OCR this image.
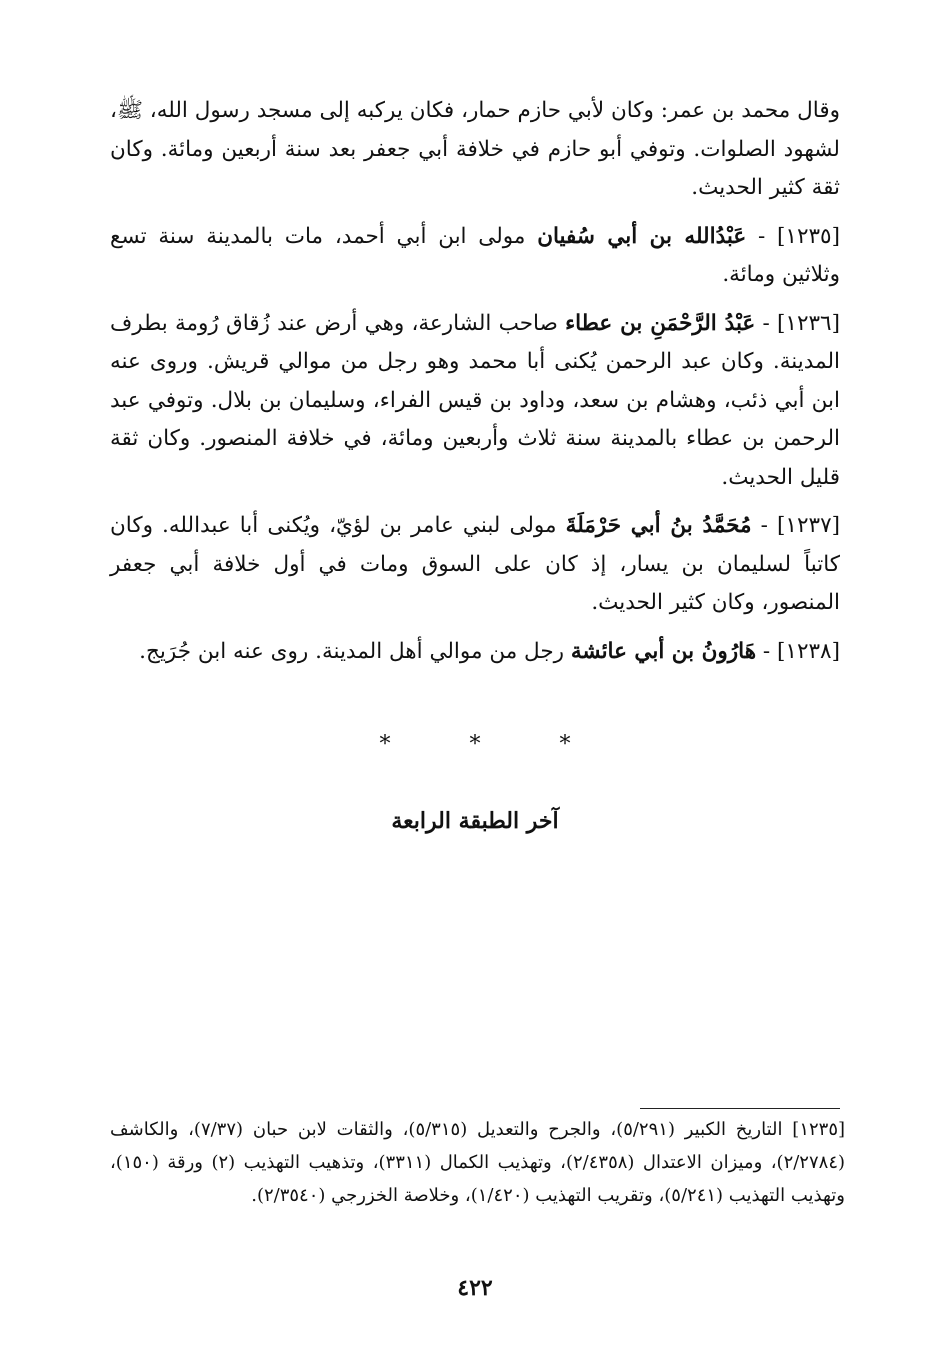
وقال محمد بن عمر: وكان لأبي حازم حمار، فكان يركبه إلى مسجد رسول الله، ﷺ، لشهود الصلوات. وتوفي أبو حازم في خلافة أبي جعفر بعد سنة أربعين ومائة. وكان ثقة كثير الحديث.

[١٢٣٥] - عَبْدُالله بن أبي سُفيان مولى ابن أبي أحمد، مات بالمدينة سنة تسع وثلاثين ومائة.

[١٢٣٦] - عَبْدُ الرَّحْمَنِ بن عطاء صاحب الشارعة، وهي أرض عند زُقاق رُومة بطرف المدينة. وكان عبد الرحمن يُكنى أبا محمد وهو رجل من موالي قريش. وروى عنه ابن أبي ذئب، وهشام بن سعد، وداود بن قيس الفراء، وسليمان بن بلال. وتوفي عبد الرحمن بن عطاء بالمدينة سنة ثلاث وأربعين ومائة، في خلافة المنصور. وكان ثقة قليل الحديث.

[١٢٣٧] - مُحَمَّدُ بنُ أبي حَرْمَلَةَ مولى لبني عامر بن لؤيّ، ويُكنى أبا عبدالله. وكان كاتباً لسليمان بن يسار، إذ كان على السوق ومات في أول خلافة أبي جعفر المنصور، وكان كثير الحديث.

[١٢٣٨] - هَارُونُ بن أبي عائشة رجل من موالي أهل المدينة. روى عنه ابن جُرَيج.

* * *
آخر الطبقة الرابعة

[١٢٣٥] التاريخ الكبير (٥/٢٩١)، والجرح والتعديل (٥/٣١٥)، والثقات لابن حبان (٧/٣٧)، والكاشف (٢/٢٧٨٤)، وميزان الاعتدال (٢/٤٣٥٨)، وتهذيب الكمال (٣٣١١)، وتذهيب التهذيب (٢) ورقة (١٥٠)، وتهذيب التهذيب (٥/٢٤١)، وتقريب التهذيب (١/٤٢٠)، وخلاصة الخزرجي (٢/٣٥٤٠).

٤٢٢
